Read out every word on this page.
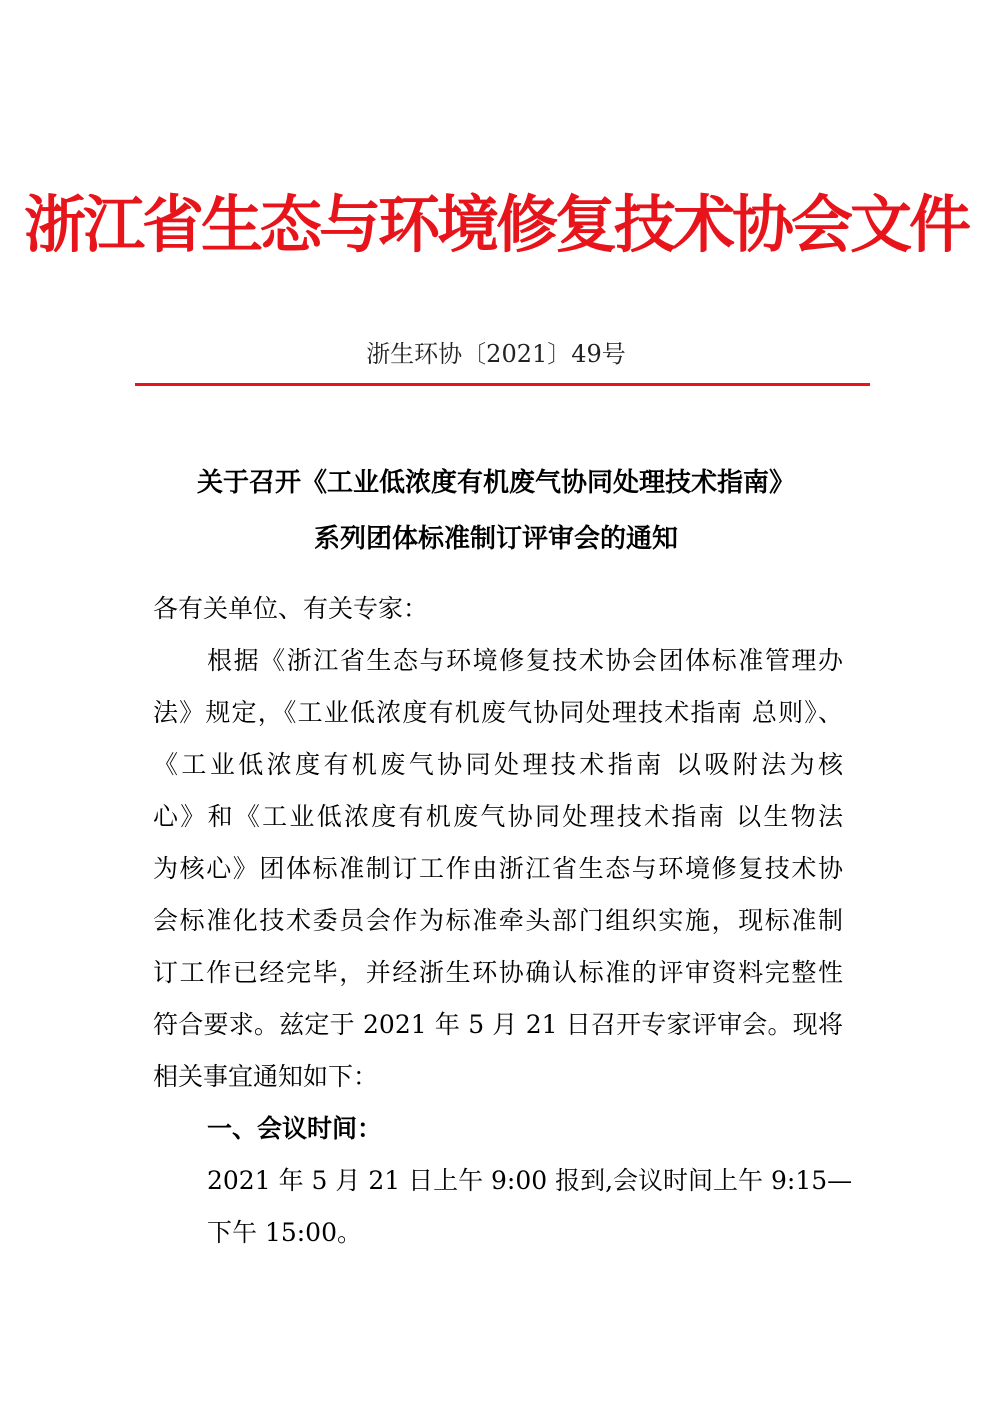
浙江省生态与环境修复技术协会文件
浙生环协〔2021〕49号
关于召开《工业低浓度有机废气协同处理技术指南》
系列团体标准制订评审会的通知
各有关单位、有关专家：
根据《浙江省生态与环境修复技术协会团体标准管理办
法》规定，《工业低浓度有机废气协同处理技术指南 总则》、
《工业低浓度有机废气协同处理技术指南 以吸附法为核
心》和《工业低浓度有机废气协同处理技术指南 以生物法
为核心》团体标准制订工作由浙江省生态与环境修复技术协
会标准化技术委员会作为标准牵头部门组织实施，现标准制
订工作已经完毕，并经浙生环协确认标准的评审资料完整性
符合要求。兹定于 2021 年 5 月 21 日召开专家评审会。现将
相关事宜通知如下：
一、会议时间：
2021 年 5 月 21 日上午 9:00 报到,会议时间上午 9:15—
下午 15:00。
